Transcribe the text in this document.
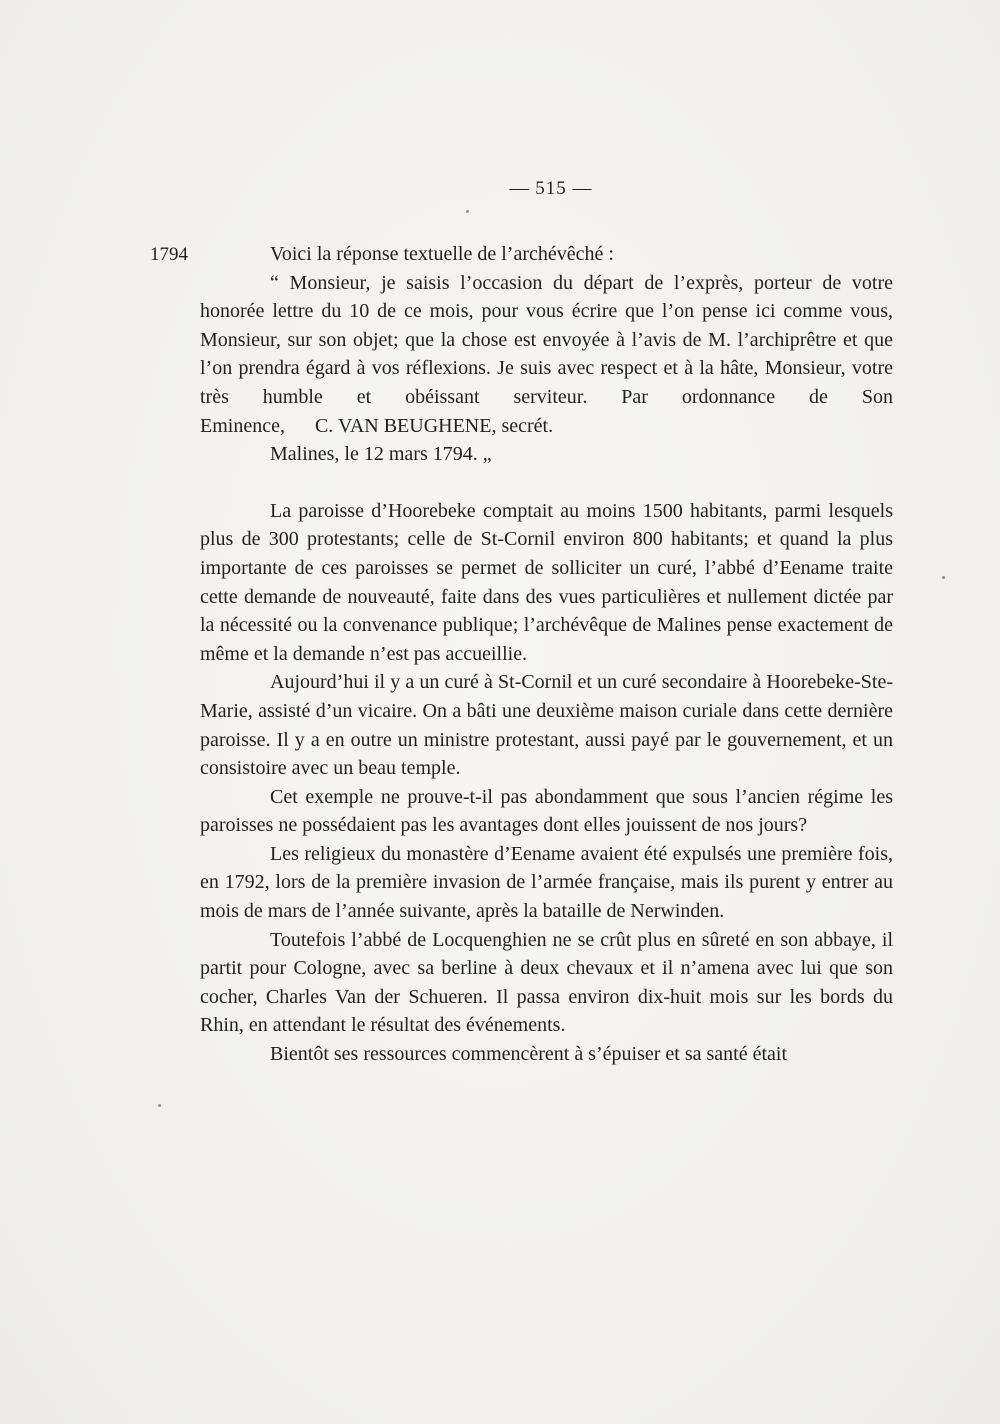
— 515 —
1794	Voici la réponse textuelle de l’archévêché :

“ Monsieur, je saisis l’occasion du départ de l’exprès, porteur de votre honorée lettre du 10 de ce mois, pour vous écrire que l’on pense ici comme vous, Monsieur, sur son objet; que la chose est envoyée à l’avis de M. l’archiprêtre et que l’on prendra égard à vos réflexions. Je suis avec respect et à la hâte, Monsieur, votre très humble et obéissant serviteur. Par ordonnance de Son Eminence, C. VAN BEUGHENE, secrét.

Malines, le 12 mars 1794. „

La paroisse d’Hoorebeke comptait au moins 1500 habitants, parmi lesquels plus de 300 protestants; celle de St-Cornil environ 800 habitants; et quand la plus importante de ces paroisses se permet de solliciter un curé, l’abbé d’Eename traite cette demande de nouveauté, faite dans des vues particulières et nullement dictée par la nécessité ou la convenance publique; l’archévêque de Malines pense exactement de même et la demande n’est pas accueillie.

Aujourd’hui il y a un curé à St-Cornil et un curé secondaire à Hoorebeke-Ste-Marie, assisté d’un vicaire. On a bâti une deuxième maison curiale dans cette dernière paroisse. Il y a en outre un ministre protestant, aussi payé par le gouvernement, et un consistoire avec un beau temple.

Cet exemple ne prouve-t-il pas abondamment que sous l’ancien régime les paroisses ne possédaient pas les avantages dont elles jouissent de nos jours?

Les religieux du monastère d’Eename avaient été expulsés une première fois, en 1792, lors de la première invasion de l’armée française, mais ils purent y entrer au mois de mars de l’année suivante, après la bataille de Nerwinden.

Toutefois l’abbé de Locquenghien ne se crût plus en sûreté en son abbaye, il partit pour Cologne, avec sa berline à deux chevaux et il n’amena avec lui que son cocher, Charles Van der Schueren. Il passa environ dix-huit mois sur les bords du Rhin, en attendant le résultat des événements.

Bientôt ses ressources commencèrent à s’épuiser et sa santé était
